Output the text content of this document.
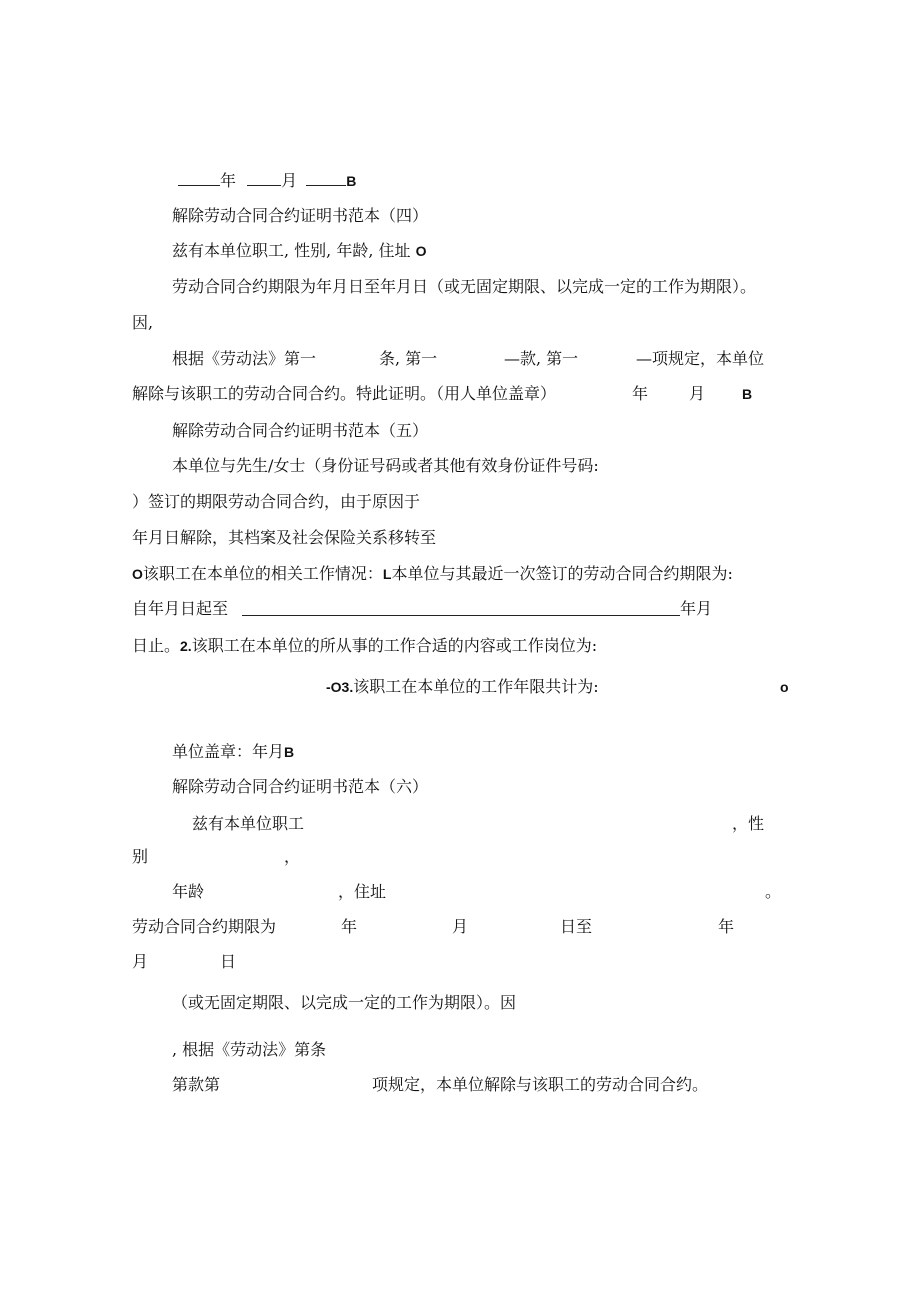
年	月	B
解除劳动合同合约证明书范本（四）
兹有本单位职工, 性别, 年龄, 住址 O
劳动合同合约期限为年月日至年月日（或无固定期限、以完成一定的工作为期限）。
因,
根据《劳动法》第一	条, 第一	—款, 第一	—项规定，本单位
解除与该职工的劳动合同合约。特此证明。（用人单位盖章）	年	月	B
解除劳动合同合约证明书范本（五）
本单位与先生/女士（身份证号码或者其他有效身份证件号码:
）签订的期限劳动合同合约，由于原因于
年月日解除，其档案及社会保险关系移转至
O该职工在本单位的相关工作情况：L本单位与其最近一次签订的劳动合同合约期限为:
自年月日起至	年月
日止。2.该职工在本单位的所从事的工作合适的内容或工作岗位为:
-O3.该职工在本单位的工作年限共计为:	o
单位盖章：年月B
解除劳动合同合约证明书范本（六）
兹有本单位职工	，性
别	，
年龄	，住址	。
劳动合同合约期限为	年	月	日至	年
月	日
（或无固定期限、以完成一定的工作为期限）。因
, 根据《劳动法》第条
第款第	项规定，本单位解除与该职工的劳动合同合约。
